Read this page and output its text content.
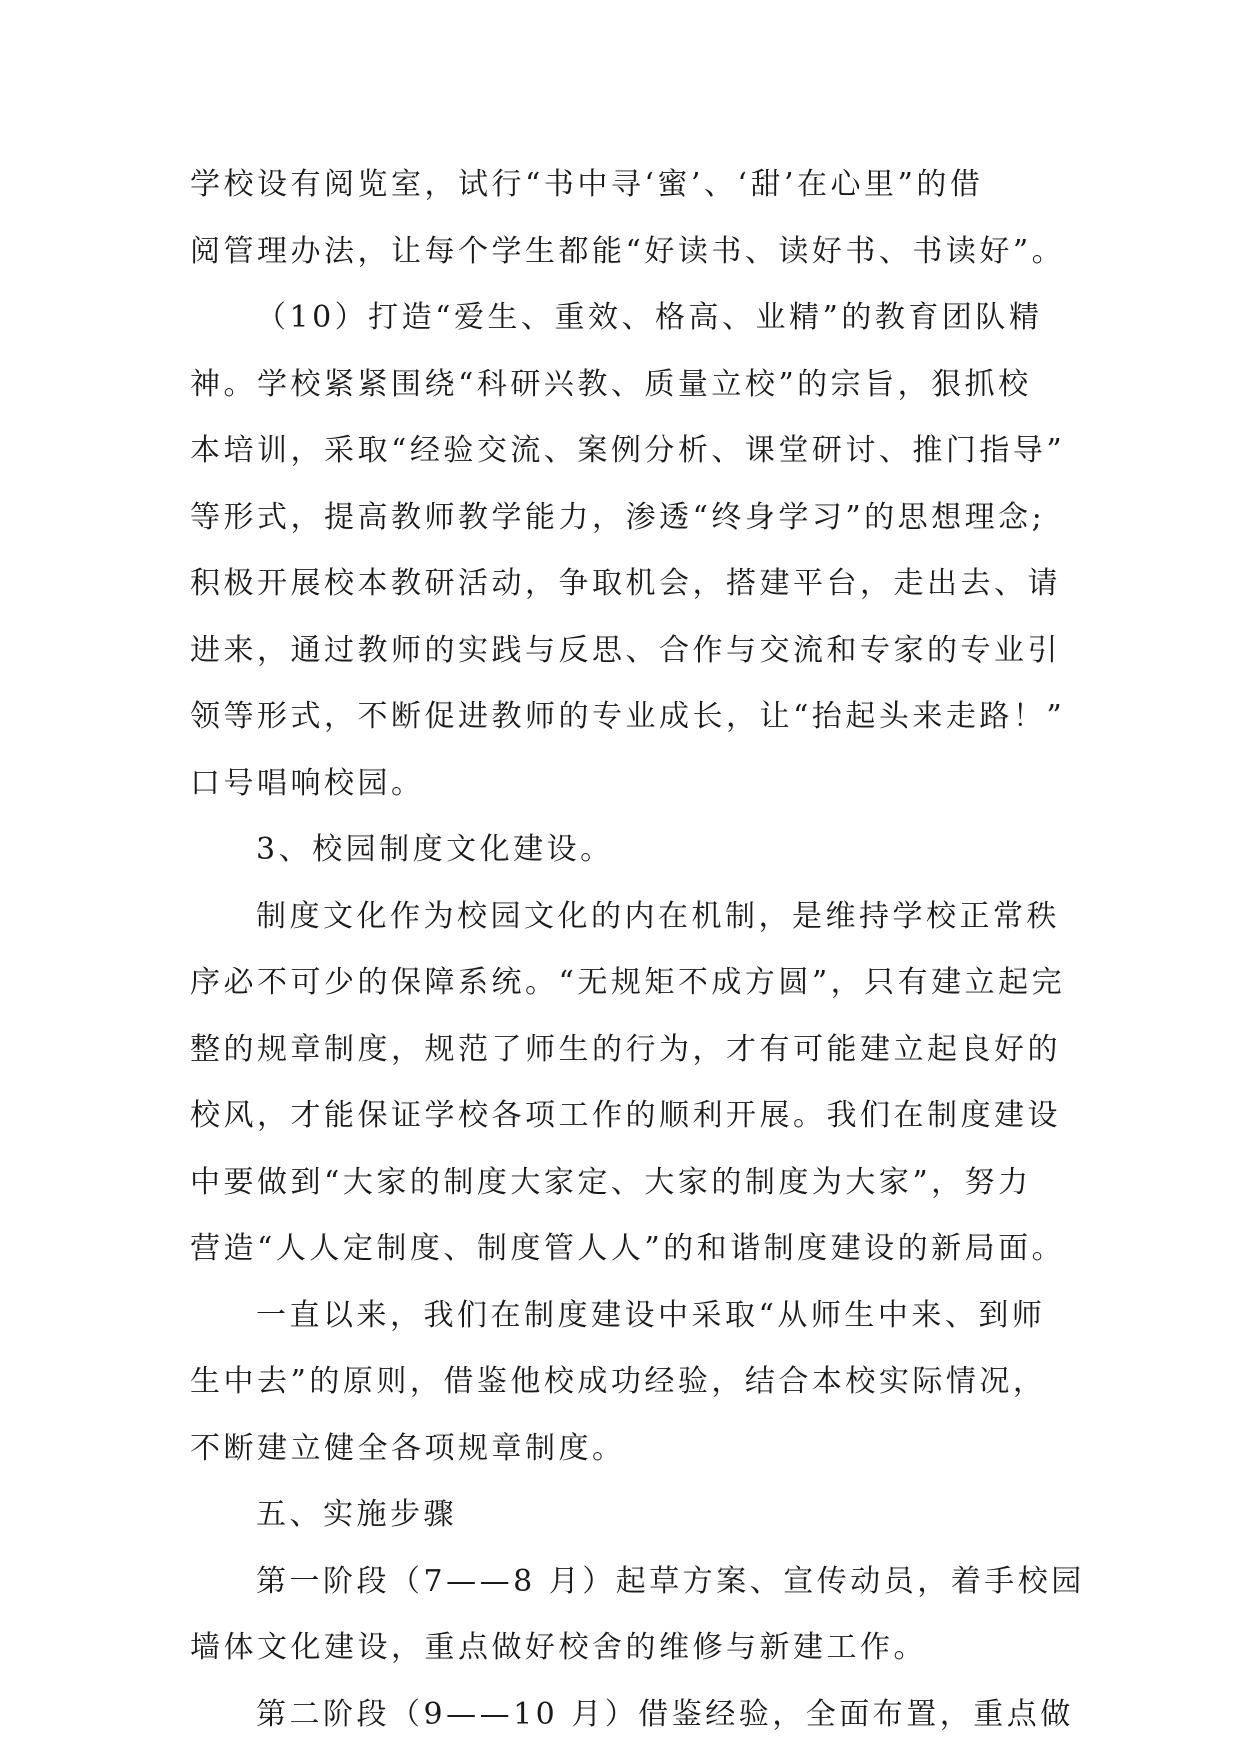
学校设有阅览室，试行“书中寻‘蜜’、‘甜’在心里”的借
阅管理办法，让每个学生都能“好读书、读好书、书读好”。
（10）打造“爱生、重效、格高、业精”的教育团队精
神。学校紧紧围绕“科研兴教、质量立校”的宗旨，狠抓校
本培训，采取“经验交流、案例分析、课堂研讨、推门指导”
等形式，提高教师教学能力，渗透“终身学习”的思想理念;
积极开展校本教研活动，争取机会，搭建平台，走出去、请
进来，通过教师的实践与反思、合作与交流和专家的专业引
领等形式，不断促进教师的专业成长，让“抬起头来走路！”
口号唱响校园。
3、校园制度文化建设。
制度文化作为校园文化的内在机制，是维持学校正常秩
序必不可少的保障系统。“无规矩不成方圆”，只有建立起完
整的规章制度，规范了师生的行为，才有可能建立起良好的
校风，才能保证学校各项工作的顺利开展。我们在制度建设
中要做到“大家的制度大家定、大家的制度为大家”，努力
营造“人人定制度、制度管人人”的和谐制度建设的新局面。
一直以来，我们在制度建设中采取“从师生中来、到师
生中去”的原则，借鉴他校成功经验，结合本校实际情况，
不断建立健全各项规章制度。
五、实施步骤
第一阶段（7——8 月）起草方案、宣传动员，着手校园
墙体文化建设，重点做好校舍的维修与新建工作。
第二阶段（9——10 月）借鉴经验，全面布置，重点做
